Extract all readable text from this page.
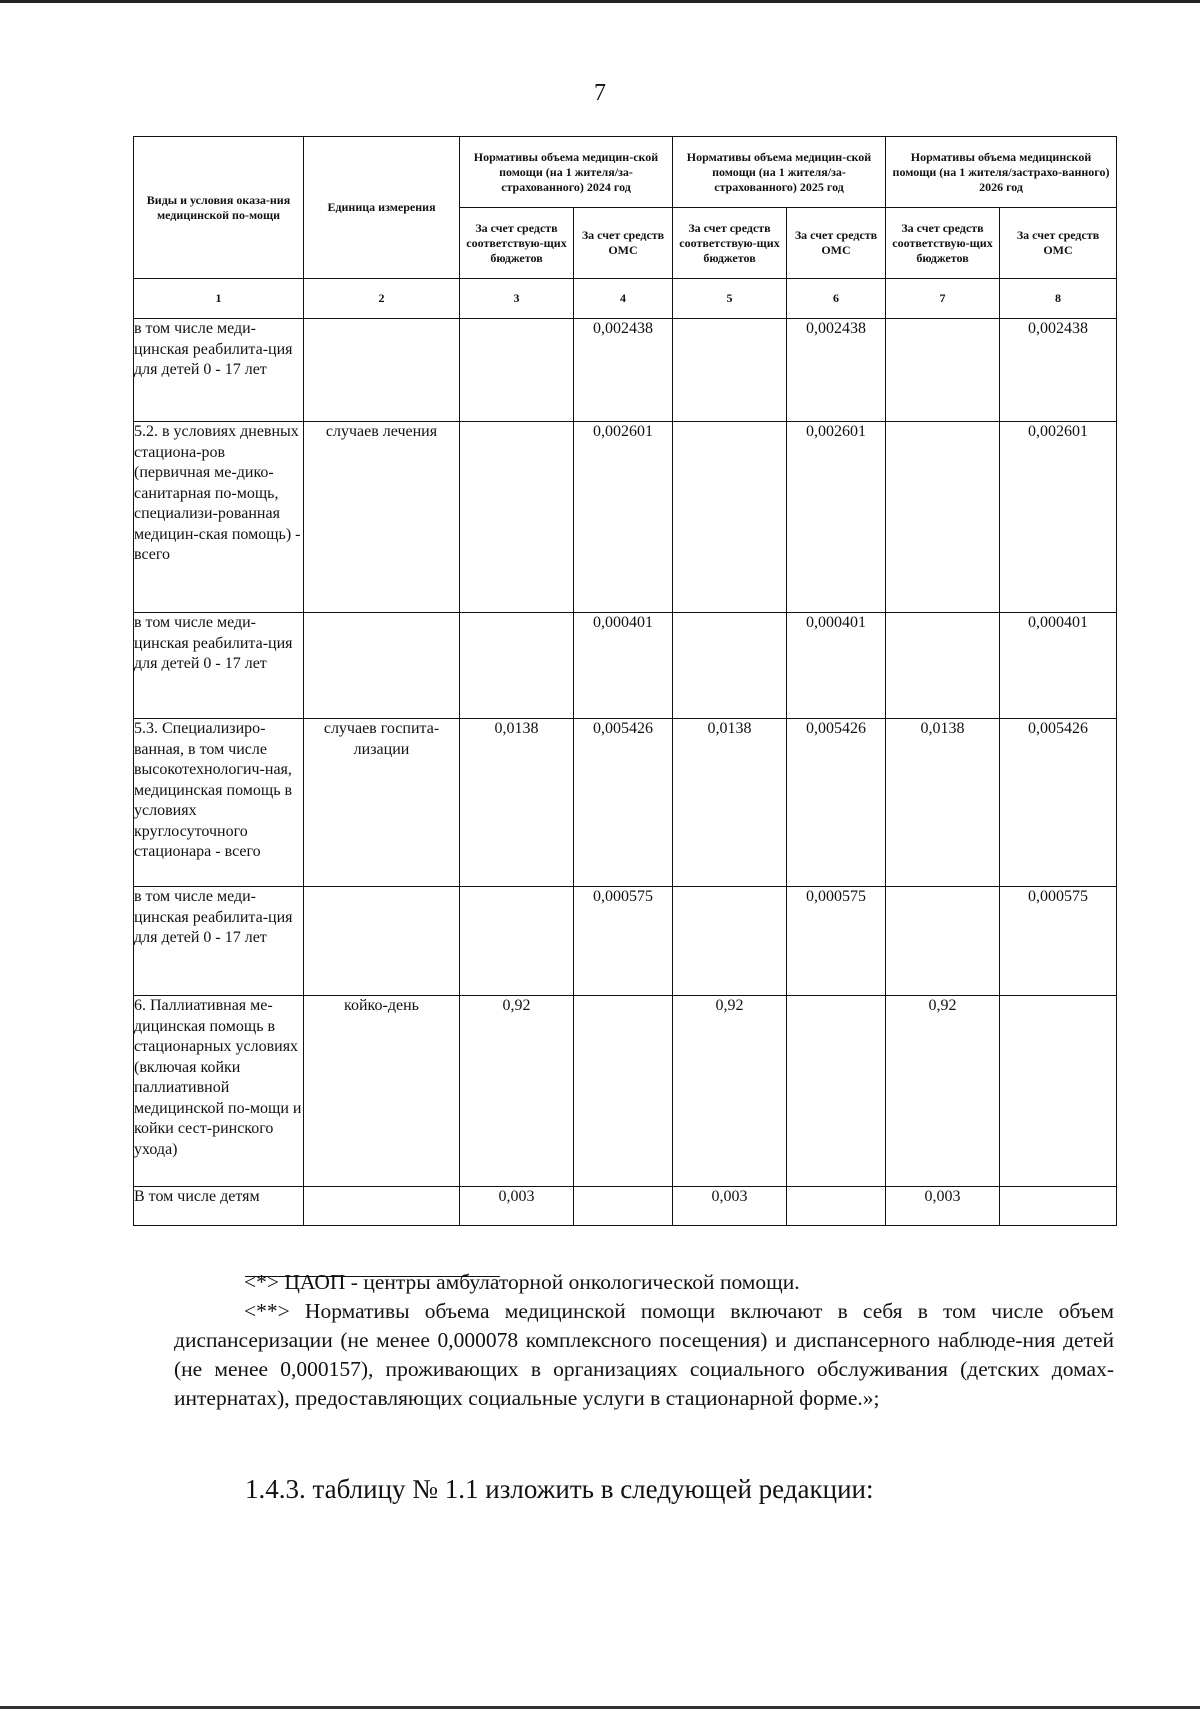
7
Виды и условия оказа-ния медицинской по-мощи	Единица измерения	Нормативы объема медицин-ской помощи (на 1 жителя/за-страхованного) 2024 год		Нормативы объема медицин-ской помощи (на 1 жителя/за-страхованного) 2025 год		Нормативы объема медицинской помощи (на 1 жителя/застрахо-ванного) 2026 год	
		За счет средств соответствую-щих бюджетов	За счет средств ОМС	За счет средств соответствую-щих бюджетов	За счет средств ОМС	За счет средств соответствую-щих бюджетов	За счет средств ОМС
1	2	3	4	5	6	7	8
в том числе меди-цинская реабилита-ция для детей 0 - 17 лет			0,002438		0,002438		0,002438
5.2. в условиях дневных стациона-ров (первичная ме-дико-санитарная по-мощь, специализи-рованная медицин-ская помощь) - всего	случаев лечения		0,002601		0,002601		0,002601
в том числе меди-цинская реабилита-ция для детей 0 - 17 лет			0,000401		0,000401		0,000401
5.3. Специализиро-ванная, в том числе высокотехнологич-ная, медицинская помощь в условиях круглосуточного стационара - всего	случаев госпита-лизации	0,0138	0,005426	0,0138	0,005426	0,0138	0,005426
в том числе меди-цинская реабилита-ция для детей 0 - 17 лет			0,000575		0,000575		0,000575
6. Паллиативная ме-дицинская помощь в стационарных условиях (включая койки паллиативной медицинской по-мощи и койки сест-ринского ухода)	койко-день	0,92		0,92		0,92	
В том числе детям		0,003		0,003		0,003	
<*> ЦАОП - центры амбулаторной онкологической помощи.
<**> Нормативы объема медицинской помощи включают в себя в том числе объем диспансеризации (не менее 0,000078 комплексного посещения) и диспансерного наблюде-ния детей (не менее 0,000157), проживающих в организациях социального обслуживания (детских домах-интернатах), предоставляющих социальные услуги в стационарной форме.»;
1.4.3. таблицу № 1.1 изложить в следующей редакции:
